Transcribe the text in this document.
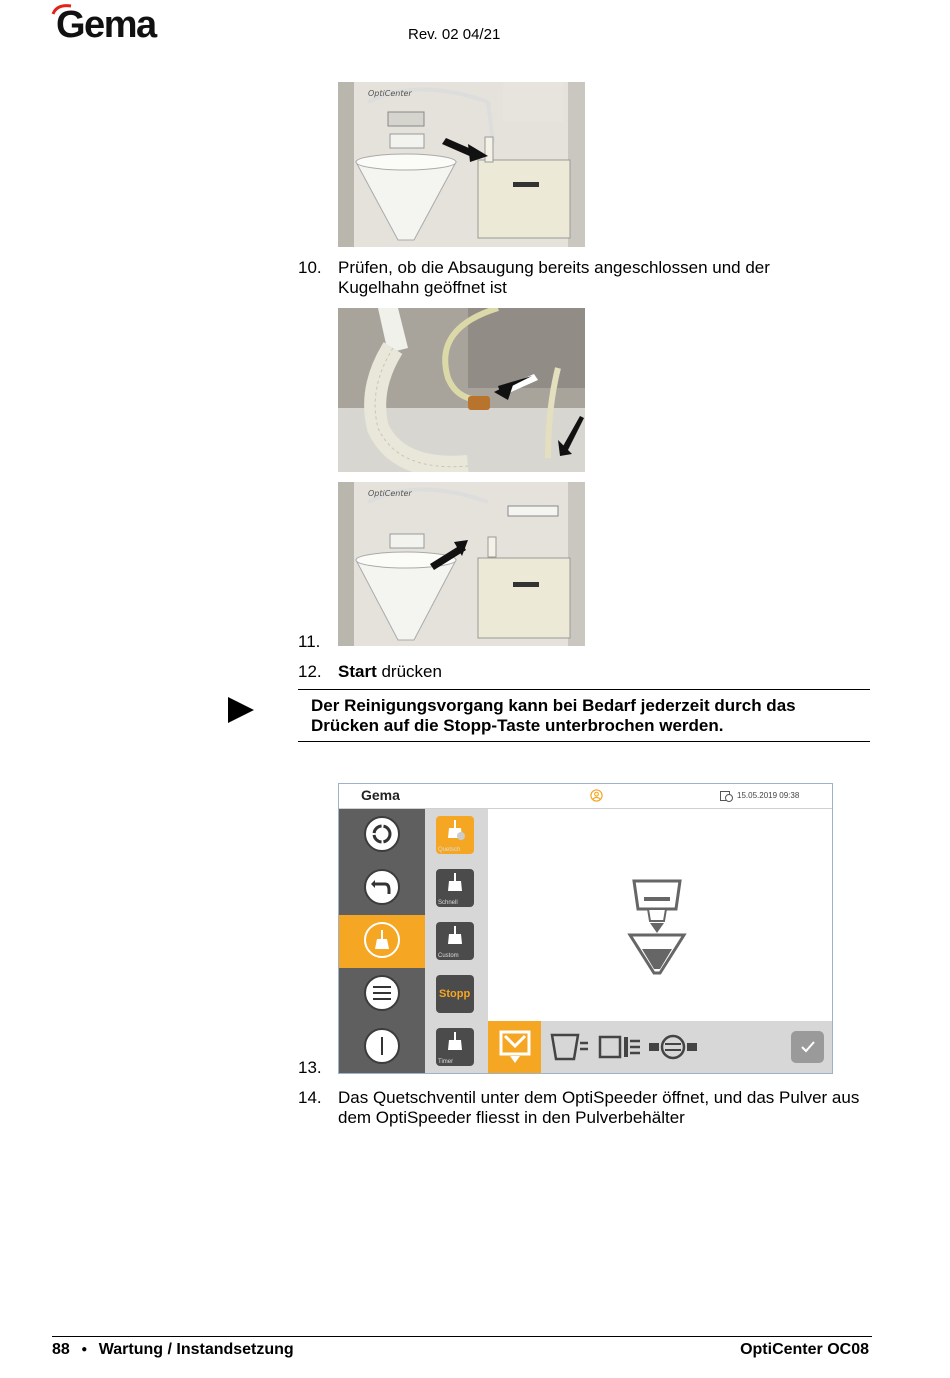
Gema	Rev. 02 04/21
OptiCenter
10. Prüfen, ob die Absaugung bereits angeschlossen und der Kugelhahn geöffnet ist
OptiCenter
11.
12. Start drücken
Der Reinigungsvorgang kann bei Bedarf jederzeit durch das
Drücken auf die Stopp-Taste unterbrochen werden.
Gema	15.05.2019 09:38
Quetsch
Schnell
Custom
Stopp
Timer
13.
14. Das Quetschventil unter dem OptiSpeeder öffnet, und das Pulver aus dem OptiSpeeder fliesst in den Pulverbehälter
88 ● Wartung / Instandsetzung	OptiCenter OC08
